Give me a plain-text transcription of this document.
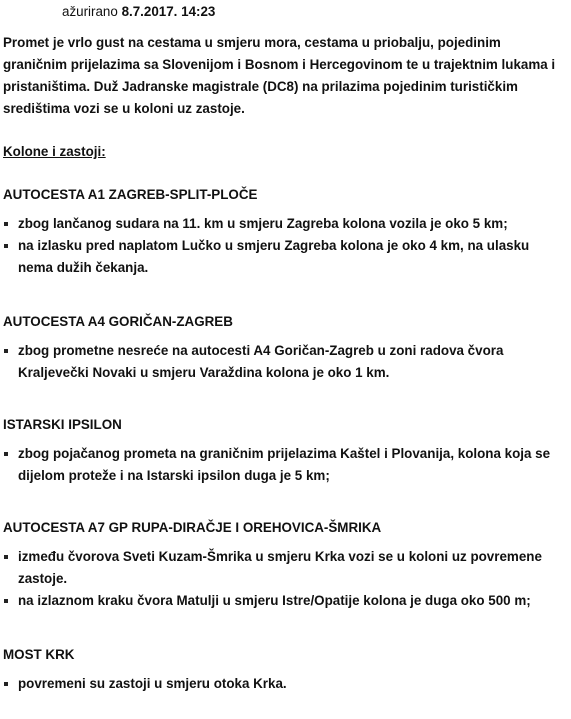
ažurirano 8.7.2017. 14:23

Promet je vrlo gust na cestama u smjeru mora, cestama u priobalju, pojedinim graničnim prijelazima sa Slovenijom i Bosnom i Hercegovinom te u trajektnim lukama i pristaništima. Duž Jadranske magistrale (DC8) na prilazima pojedinim turističkim središtima vozi se u koloni uz zastoje.

Kolone i zastoji:

AUTOCESTA A1 ZAGREB-SPLIT-PLOČE

zbog lančanog sudara na 11. km u smjeru Zagreba kolona vozila je oko 5 km;
na izlasku pred naplatom Lučko u smjeru Zagreba kolona je oko 4 km, na ulasku nema dužih čekanja.

AUTOCESTA A4 GORIČAN-ZAGREB

zbog prometne nesreće na autocesti A4 Goričan-Zagreb u zoni radova čvora Kraljevečki Novaki u smjeru Varaždina kolona je oko 1 km.

ISTARSKI IPSILON

zbog pojačanog prometa na graničnim prijelazima Kaštel i Plovanija, kolona koja se dijelom proteže i na Istarski ipsilon duga je 5 km;

AUTOCESTA A7 GP RUPA-DIRAČJE I OREHOVICA-ŠMRIKA

između čvorova Sveti Kuzam-Šmrika u smjeru Krka vozi se u koloni uz povremene zastoje.
na izlaznom kraku čvora Matulji u smjeru Istre/Opatije kolona je duga oko 500 m;

MOST KRK

povremeni su zastoji u smjeru otoka Krka.
